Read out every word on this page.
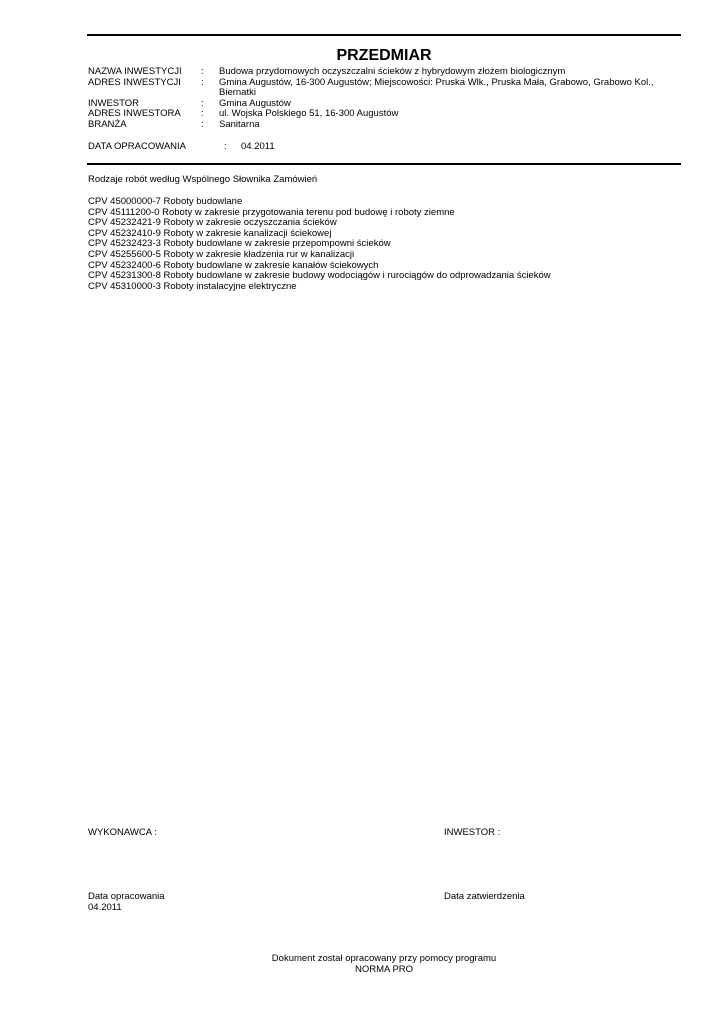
PRZEDMIAR
NAZWA INWESTYCJI	:	Budowa przydomowych oczyszczalni ścieków z hybrydowym złożem biologicznym
ADRES INWESTYCJI	:	Gmina Augustów, 16-300 Augustów; Miejscowości: Pruska Wlk., Pruska Mała, Grabowo, Grabowo Kol., Biernatki
INWESTOR	:	Gmina Augustów
ADRES INWESTORA	:	ul. Wojska Polskiego 51, 16-300 Augustów
BRANŻA	:	Sanitarna
DATA OPRACOWANIA	: 04.2011
Rodzaje robót według Wspólnego Słownika Zamówień
CPV 45000000-7 Roboty budowlane
CPV 45111200-0 Roboty w zakresie przygotowania terenu pod budowę i roboty ziemne
CPV 45232421-9 Roboty w zakresie oczyszczania ścieków
CPV 45232410-9 Roboty w zakresie kanalizacji ściekowej
CPV 45232423-3 Roboty budowlane w zakresie przepompowni ścieków
CPV 45255600-5 Roboty w zakresie kładzenia rur w kanalizacji
CPV 45232400-6 Roboty budowlane w zakresie kanałów ściekowych
CPV 45231300-8 Roboty budowlane w zakresie budowy wodociągów i rurociągów do odprowadzania ścieków
CPV 45310000-3 Roboty instalacyjne elektryczne
WYKONAWCA :	INWESTOR :
Data opracowania
04.2011
Data zatwierdzenia
Dokument został opracowany przy pomocy programu
NORMA PRO
